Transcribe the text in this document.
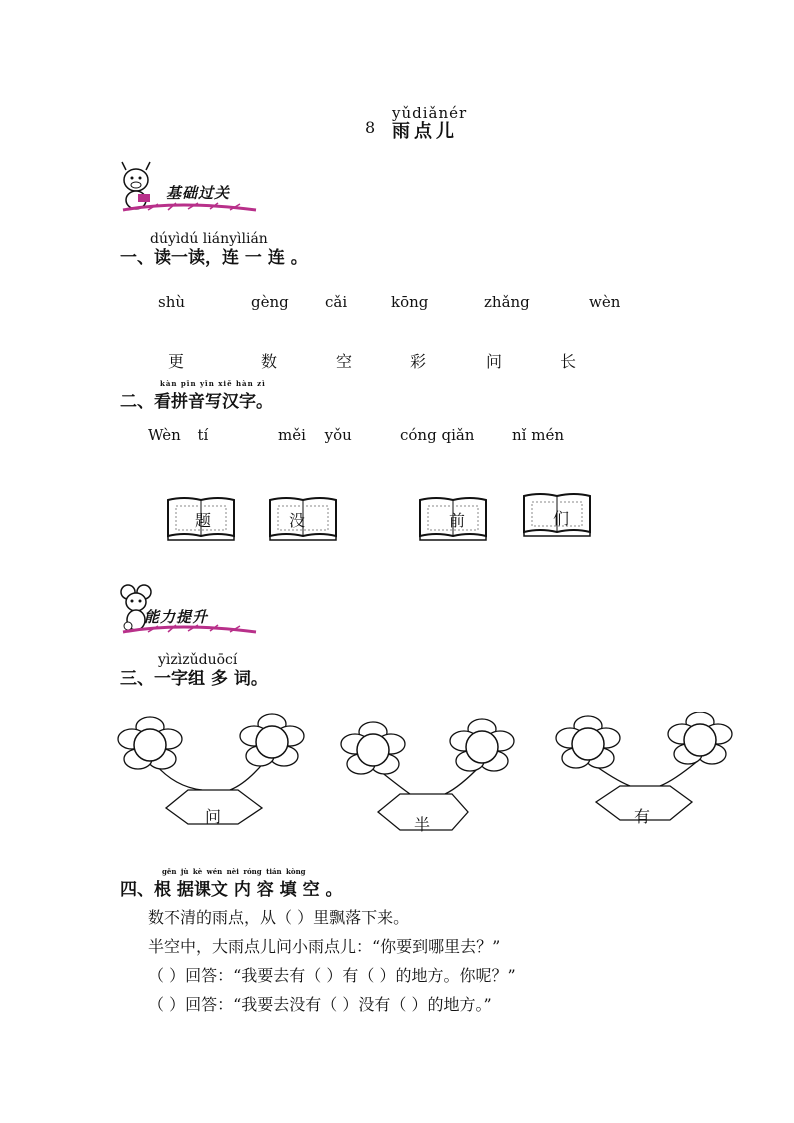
8
yǔdiǎnér
雨点儿
基础过关
dúyìdú liányìlián
一、读一读，连 一 连 。
shù	gèng cǎi	kōng	zhǎng	wèn
更	数	空	彩	问	长
kàn pīn yīn xiě hàn zì
二、看拼音写汉字。
Wèn tí	měi yǒu	cóng qiǎn	nǐ mén
题	没	前	们
能力提升
yìzìzǔduōcí
三、一字组 多 词。
问	半	有
gēn jù kè wén nèi róng tián kòng
四、根 据课文 内 容 填 空 。
数不清的雨点，从（ ）里飘落下来。
半空中，大雨点儿问小雨点儿：“你要到哪里去？”
（ ）回答：“我要去有（ ）有（ ）的地方。你呢？”
（ ）回答：“我要去没有（ ）没有（ ）的地方。”
